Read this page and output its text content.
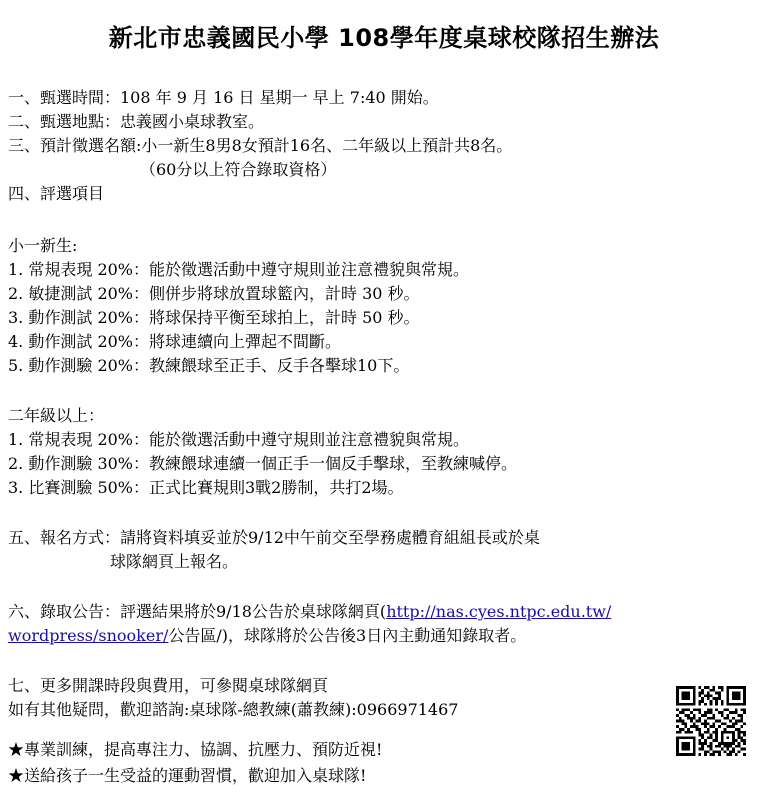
新北市忠義國民小學 108學年度桌球校隊招生辦法
一、甄選時間：108 年 9 月 16 日 星期一 早上 7:40 開始。
二、甄選地點：忠義國小桌球教室。
三、預計徵選名額:小一新生8男8女預計16名、二年級以上預計共8名。
（60分以上符合錄取資格）
四、評選項目
小一新生:
1. 常規表現 20%：能於徵選活動中遵守規則並注意禮貌與常規。
2. 敏捷測試 20%：側併步將球放置球籃內，計時 30 秒。
3. 動作測試 20%：將球保持平衡至球拍上，計時 50 秒。
4. 動作測試 20%：將球連續向上彈起不間斷。
5. 動作測驗 20%：教練餵球至正手、反手各擊球10下。
二年級以上：
1. 常規表現 20%：能於徵選活動中遵守規則並注意禮貌與常規。
2. 動作測驗 30%：教練餵球連續一個正手一個反手擊球，至教練喊停。
3. 比賽測驗 50%：正式比賽規則3戰2勝制，共打2場。
五、報名方式：請將資料填妥並於9/12中午前交至學務處體育組組長或於桌
球隊網頁上報名。
六、錄取公告：評選結果將於9/18公告於桌球隊網頁(http://nas.cyes.ntpc.edu.tw/
wordpress/snooker/公告區/)，球隊將於公告後3日內主動通知錄取者。
七、更多開課時段與費用，可參閱桌球隊網頁
如有其他疑問，歡迎諮詢:桌球隊-總教練(蕭教練):0966971467
★專業訓練，提高專注力、協調、抗壓力、預防近視!
★送給孩子一生受益的運動習慣，歡迎加入桌球隊!
